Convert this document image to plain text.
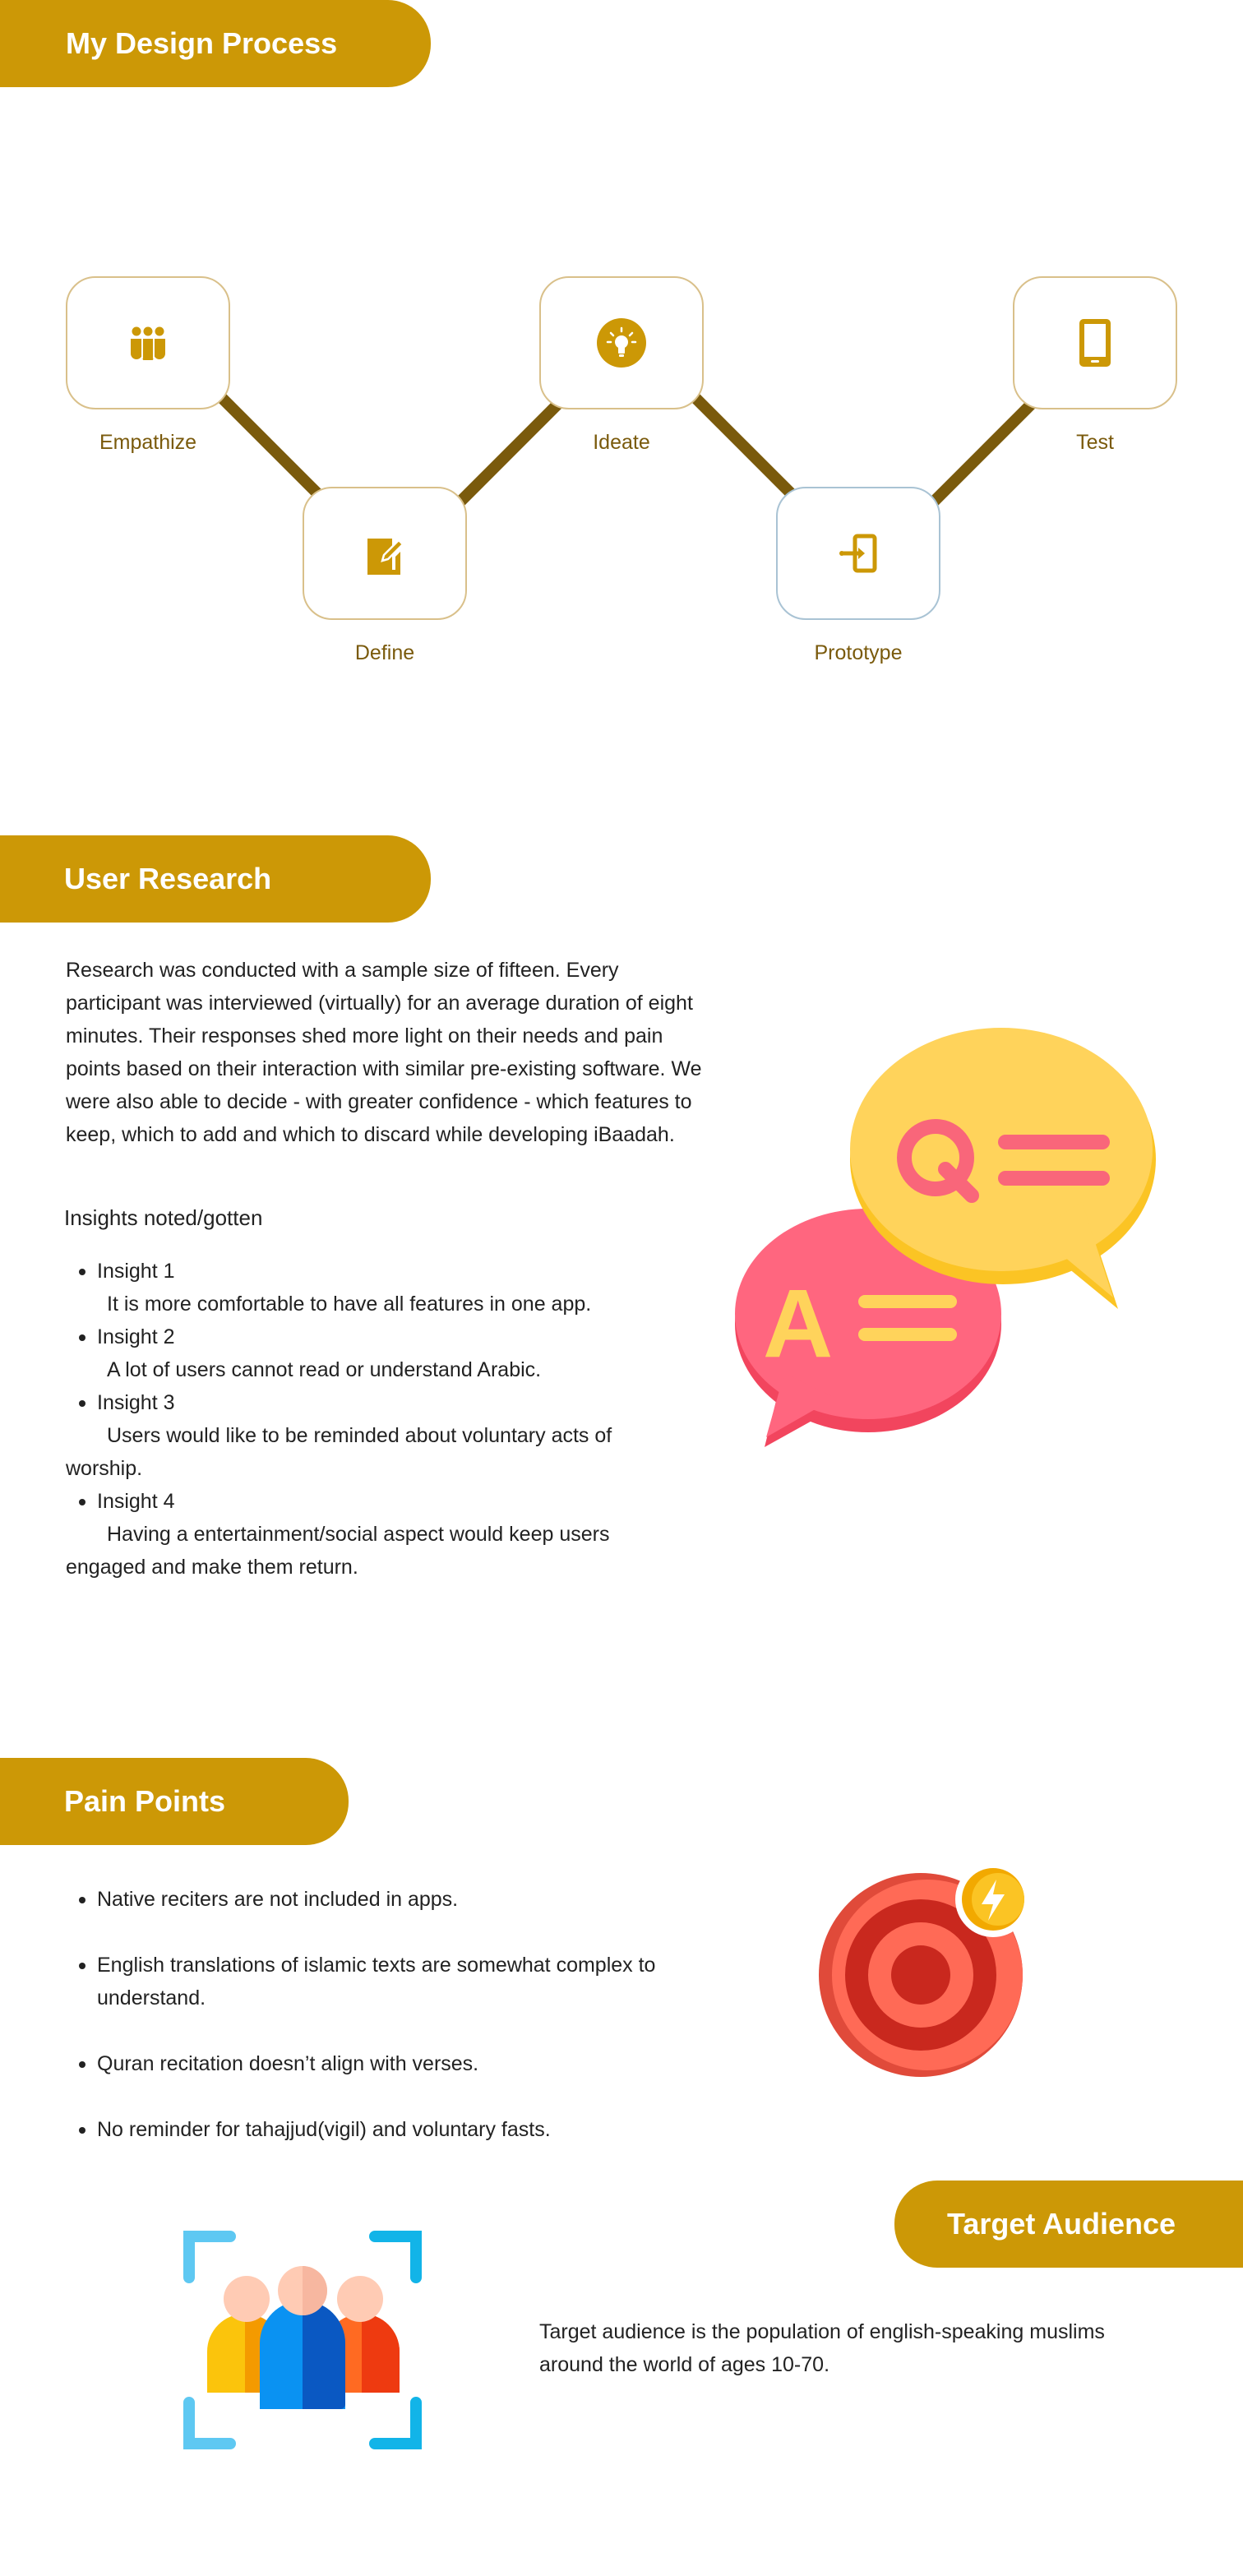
My Design Process
Empathize
Define
Ideate
Prototype
Test
User Research

Research was conducted with a sample size of fifteen. Every participant was interviewed (virtually) for an average duration of eight minutes. Their responses shed more light on their needs and pain points based on their interaction with similar pre-existing software. We were also able to decide - with greater confidence - which features to keep, which to add and which to discard while developing iBaadah.

Insights noted/gotten
Insight 1
It is more comfortable to have all features in one app.
Insight 2
A lot of users cannot read or understand Arabic.
Insight 3
Users would like to be reminded about voluntary acts of worship.
Insight 4
Having a entertainment/social aspect would keep users engaged and make them return.
A
Pain Points
Native reciters are not included in apps.
English translations of islamic texts are somewhat complex to understand.
Quran recitation doesn’t align with verses.
No reminder for tahajjud(vigil) and voluntary fasts.
Target Audience

Target audience is the population of english-speaking muslims around the world of ages 10-70.
